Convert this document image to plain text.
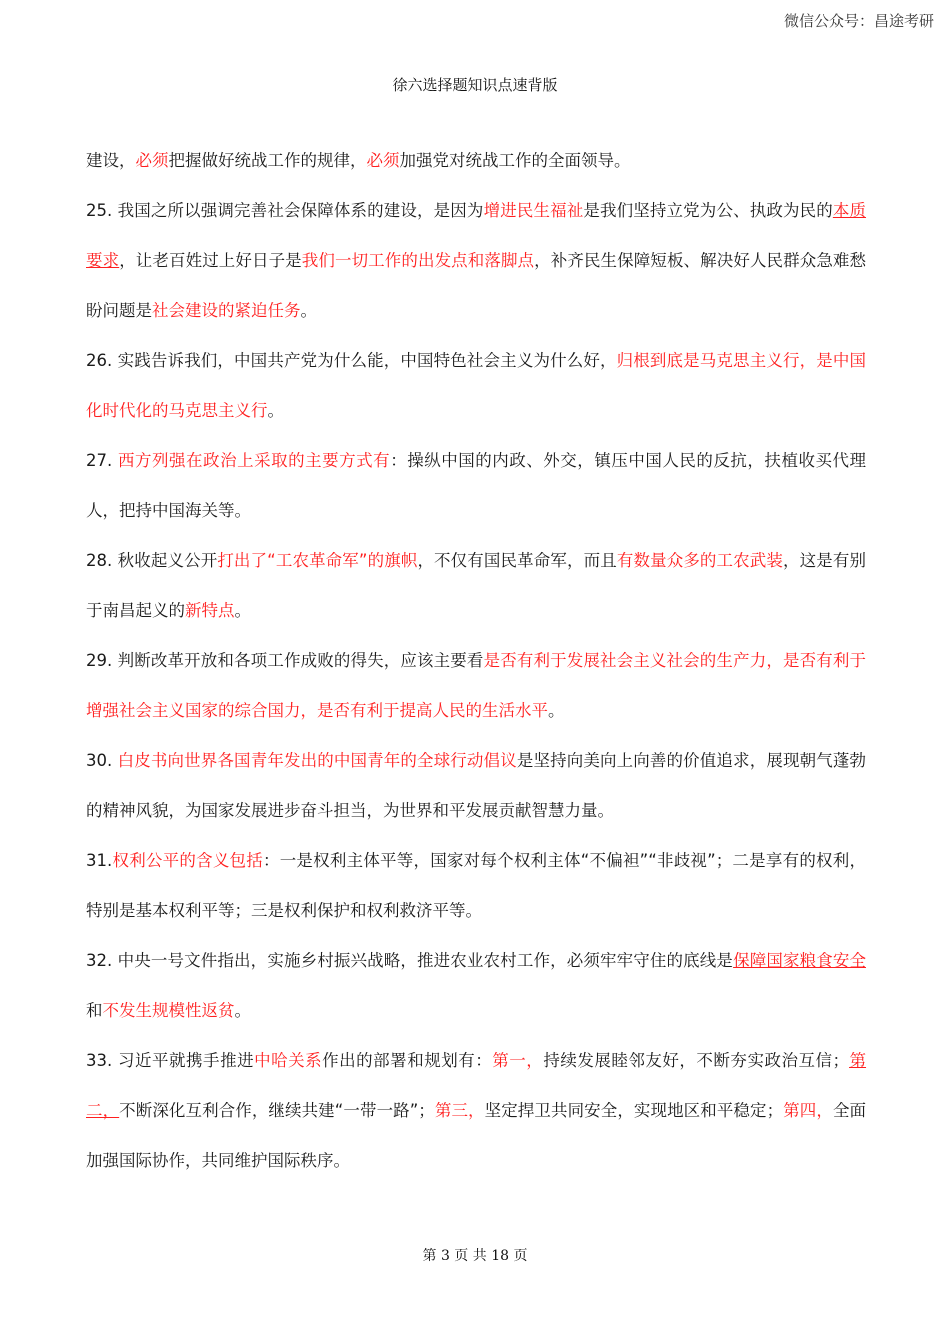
微信公众号：昌途考研
徐六选择题知识点速背版

建设，必须把握做好统战工作的规律，必须加强党对统战工作的全面领导。

25. 我国之所以强调完善社会保障体系的建设，是因为增进民生福祉是我们坚持立党为公、执政为民的本质要求，让老百姓过上好日子是我们一切工作的出发点和落脚点，补齐民生保障短板、解决好人民群众急难愁盼问题是社会建设的紧迫任务。

26. 实践告诉我们，中国共产党为什么能，中国特色社会主义为什么好，归根到底是马克思主义行，是中国化时代化的马克思主义行。

27. 西方列强在政治上采取的主要方式有：操纵中国的内政、外交，镇压中国人民的反抗，扶植收买代理人，把持中国海关等。

28. 秋收起义公开打出了“工农革命军”的旗帜，不仅有国民革命军，而且有数量众多的工农武装，这是有别于南昌起义的新特点。

29. 判断改革开放和各项工作成败的得失，应该主要看是否有利于发展社会主义社会的生产力，是否有利于增强社会主义国家的综合国力，是否有利于提高人民的生活水平。

30. 白皮书向世界各国青年发出的中国青年的全球行动倡议是坚持向美向上向善的价值追求，展现朝气蓬勃的精神风貌，为国家发展进步奋斗担当，为世界和平发展贡献智慧力量。

31.权利公平的含义包括：一是权利主体平等，国家对每个权利主体“不偏袒”“非歧视”；二是享有的权利，特别是基本权利平等；三是权利保护和权利救济平等。

32. 中央一号文件指出，实施乡村振兴战略，推进农业农村工作，必须牢牢守住的底线是保障国家粮食安全和不发生规模性返贫。

33. 习近平就携手推进中哈关系作出的部署和规划有：第一，持续发展睦邻友好，不断夯实政治互信；第二，不断深化互利合作，继续共建“一带一路”；第三，坚定捍卫共同安全，实现地区和平稳定；第四，全面加强国际协作，共同维护国际秩序。

第 3 页 共 18 页
